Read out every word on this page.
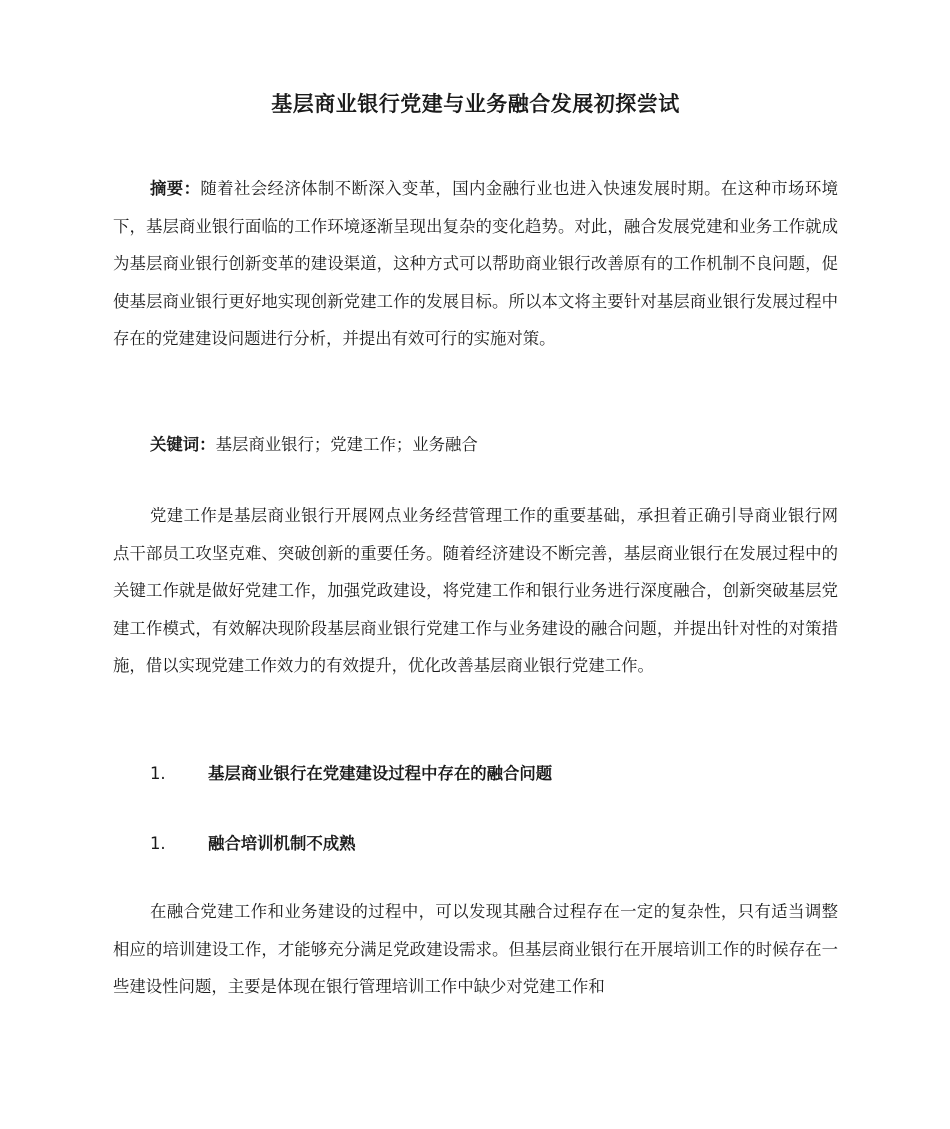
基层商业银行党建与业务融合发展初探尝试

摘要：随着社会经济体制不断深入变革，国内金融行业也进入快速发展时期。在这种市场环境下，基层商业银行面临的工作环境逐渐呈现出复杂的变化趋势。对此，融合发展党建和业务工作就成为基层商业银行创新变革的建设渠道，这种方式可以帮助商业银行改善原有的工作机制不良问题，促使基层商业银行更好地实现创新党建工作的发展目标。所以本文将主要针对基层商业银行发展过程中存在的党建建设问题进行分析，并提出有效可行的实施对策。

关键词：基层商业银行；党建工作；业务融合

党建工作是基层商业银行开展网点业务经营管理工作的重要基础，承担着正确引导商业银行网点干部员工攻坚克难、突破创新的重要任务。随着经济建设不断完善，基层商业银行在发展过程中的关键工作就是做好党建工作，加强党政建设，将党建工作和银行业务进行深度融合，创新突破基层党建工作模式，有效解决现阶段基层商业银行党建工作与业务建设的融合问题，并提出针对性的对策措施，借以实现党建工作效力的有效提升，优化改善基层商业银行党建工作。

1.	基层商业银行在党建建设过程中存在的融合问题
1.	融合培训机制不成熟

在融合党建工作和业务建设的过程中，可以发现其融合过程存在一定的复杂性，只有适当调整相应的培训建设工作，才能够充分满足党政建设需求。但基层商业银行在开展培训工作的时候存在一些建设性问题，主要是体现在银行管理培训工作中缺少对党建工作和
